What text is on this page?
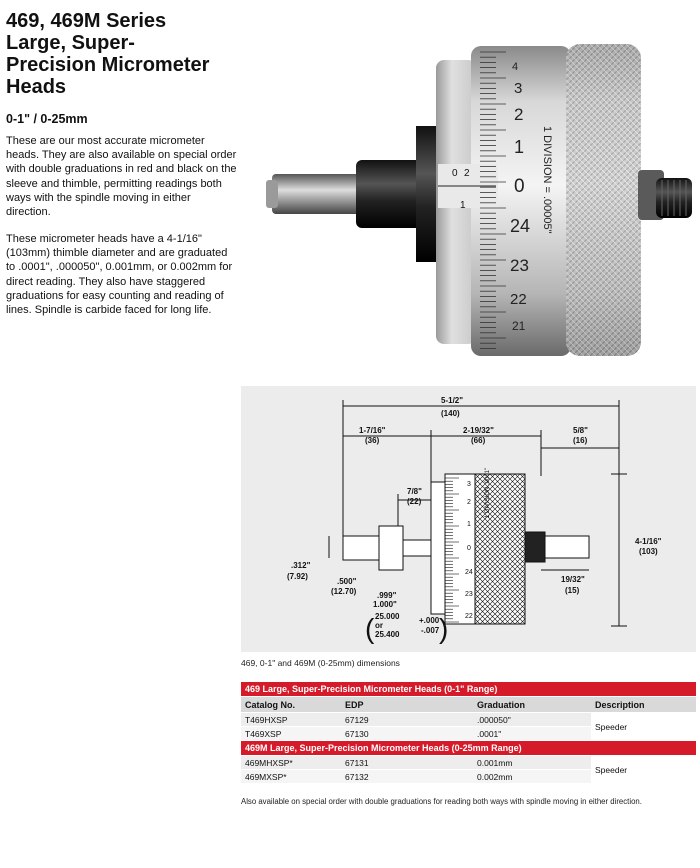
469, 469M Series
Large, Super-
Precision Micrometer
Heads
0-1" / 0-25mm
These are our most accurate micrometer heads. They are also available on special order with double graduations in red and black on the sleeve and thimble, permitting readings both ways with the spindle moving in either direction.
These micrometer heads have a 4-1/16" (103mm) thimble diameter and are graduated to .0001", .000050", 0.001mm, or 0.002mm for direct reading. They also have staggered graduations for easy counting and reading of lines. Spindle is carbide faced for long life.
0 2
1
3
2
1
0
24
23
22
21
4
1 DIVISION = .00005"
3
2
1
0
24
23
22
1 DIVISION .0001"
5-1/2"
(140)
1-7/16"
(36)
2-19/32"
(66)
5/8"
(16)
7/8"
(22)
4-1/16"
(103)
.312"
(7.92)
.500"
(12.70)	.999"
1.000"
25.000
or
25.400
+.000
-.007
19/32"
(15)
( )
469, 0-1" and 469M (0-25mm) dimensions
469 Large, Super-Precision Micrometer Heads (0-1" Range)			
Catalog No.	EDP	Graduation	Description
T469HXSP	67129	.000050"	Speeder
T469XSP	67130	.0001"	
469M Large, Super-Precision Micrometer Heads (0-25mm Range)			
469MHXSP*	67131	0.001mm	Speeder
469MXSP*	67132	0.002mm	
Also available on special order with double graduations for reading both ways with spindle moving in either direction.
